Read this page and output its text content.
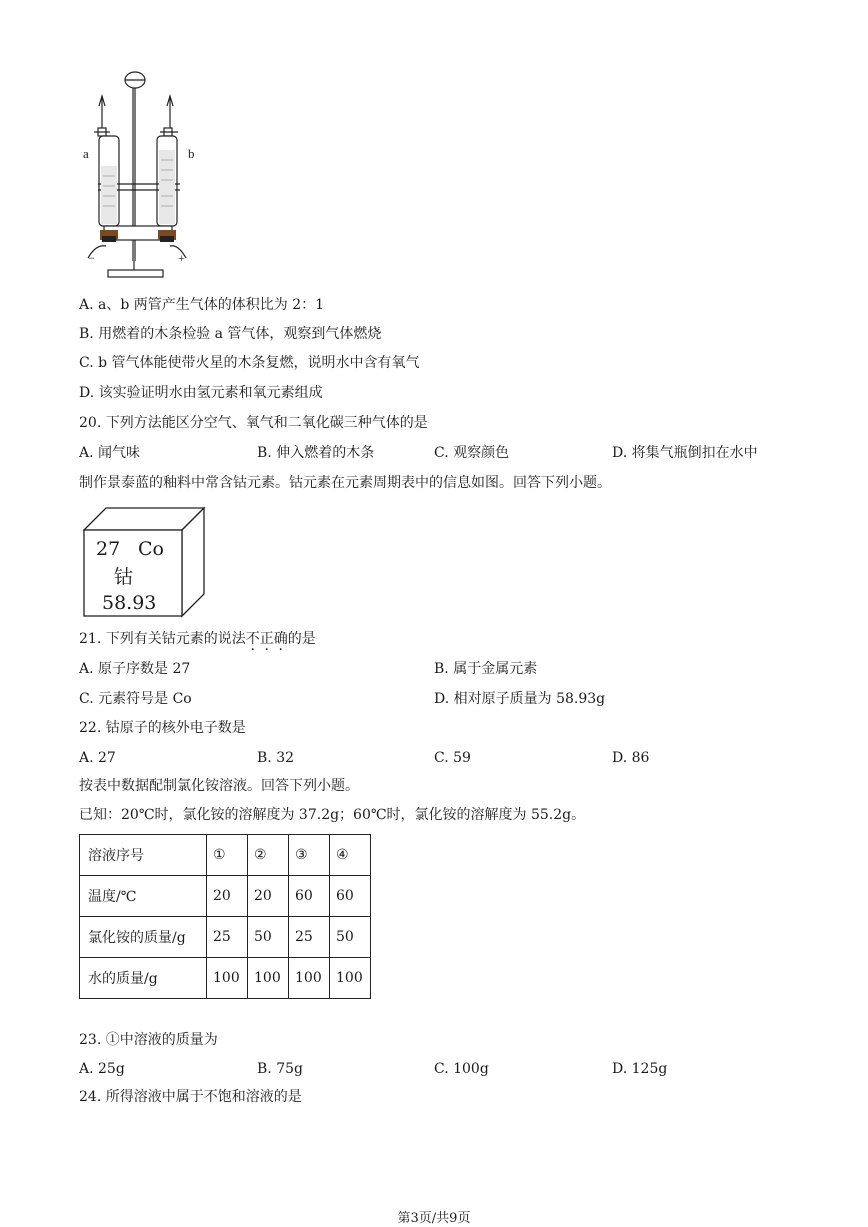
a	b
−	+
A. a、b 两管产生气体的体积比为 2：1
B. 用燃着的木条检验 a 管气体，观察到气体燃烧
C. b 管气体能使带火星的木条复燃，说明水中含有氧气
D. 该实验证明水由氢元素和氧元素组成
20. 下列方法能区分空气、氧气和二氧化碳三种气体的是
A. 闻气味	B. 伸入燃着的木条	C. 观察颜色	D. 将集气瓶倒扣在水中
制作景泰蓝的釉料中常含钴元素。钴元素在元素周期表中的信息如图。回答下列小题。
27 Co
钴
58.93
21. 下列有关钴元素的说法不正确的是
A. 原子序数是 27	B. 属于金属元素
C. 元素符号是 Co	D. 相对原子质量为 58.93g
22. 钴原子的核外电子数是
A. 27	B. 32	C. 59	D. 86
按表中数据配制氯化铵溶液。回答下列小题。
已知：20℃时，氯化铵的溶解度为 37.2g；60℃时，氯化铵的溶解度为 55.2g。
溶液序号	①	②	③	④
温度/℃	20	20	60	60
氯化铵的质量/g	25	50	25	50
水的质量/g	100	100	100	100
23. ①中溶液的质量为
A. 25g	B. 75g	C. 100g	D. 125g
24. 所得溶液中属于不饱和溶液的是
第3页/共9页
